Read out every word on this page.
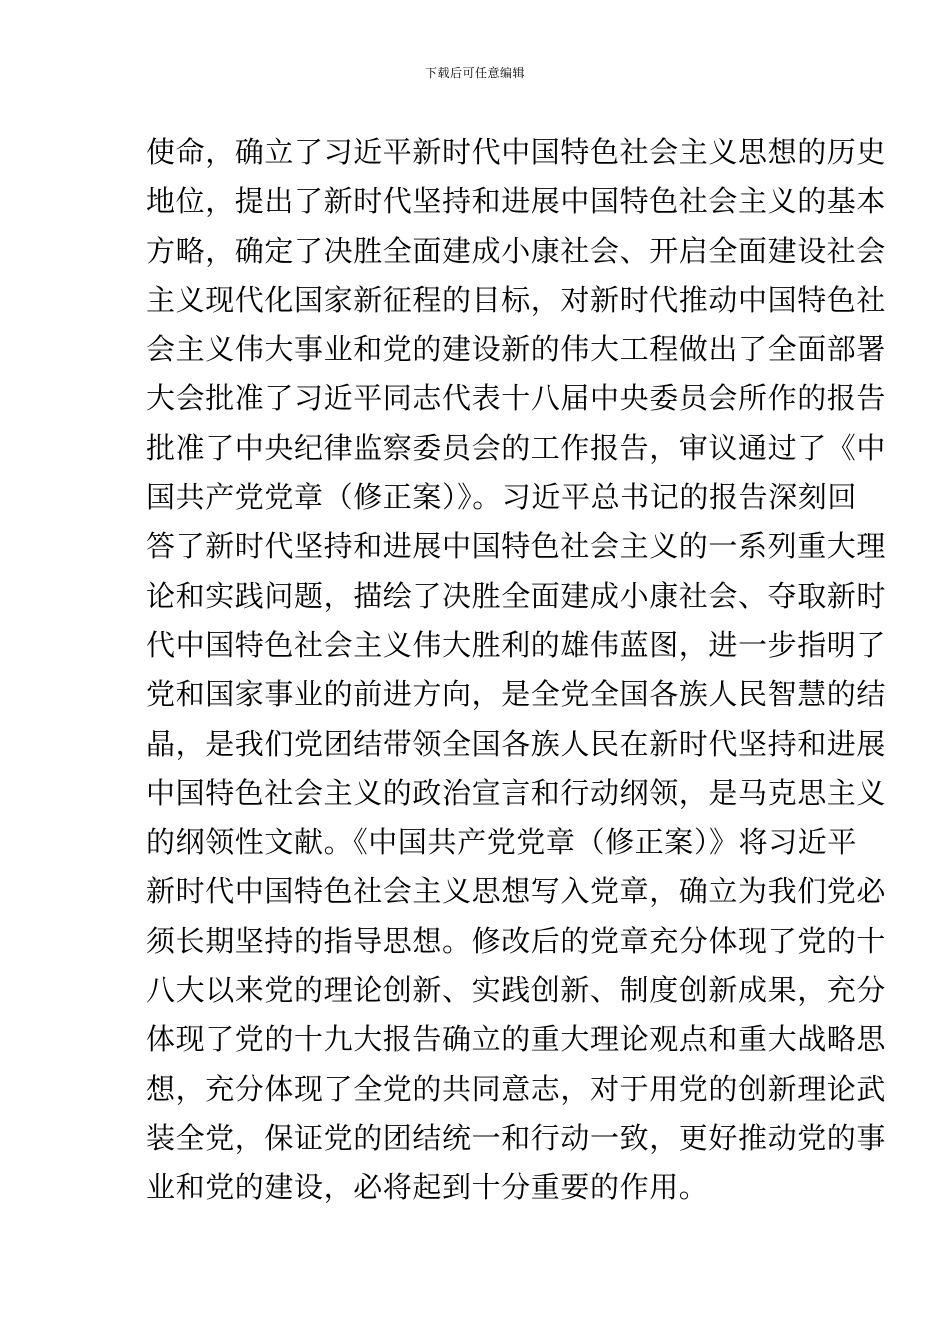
下载后可任意编辑
使命，确立了习近平新时代中国特色社会主义思想的历史
地位，提出了新时代坚持和进展中国特色社会主义的基本
方略，确定了决胜全面建成小康社会、开启全面建设社会
主义现代化国家新征程的目标，对新时代推动中国特色社
会主义伟大事业和党的建设新的伟大工程做出了全面部署
大会批准了习近平同志代表十八届中央委员会所作的报告
批准了中央纪律监察委员会的工作报告，审议通过了《中
国共产党党章（修正案）》。习近平总书记的报告深刻回
答了新时代坚持和进展中国特色社会主义的一系列重大理
论和实践问题，描绘了决胜全面建成小康社会、夺取新时
代中国特色社会主义伟大胜利的雄伟蓝图，进一步指明了
党和国家事业的前进方向，是全党全国各族人民智慧的结
晶，是我们党团结带领全国各族人民在新时代坚持和进展
中国特色社会主义的政治宣言和行动纲领，是马克思主义
的纲领性文献。《中国共产党党章（修正案）》将习近平
新时代中国特色社会主义思想写入党章，确立为我们党必
须长期坚持的指导思想。修改后的党章充分体现了党的十
八大以来党的理论创新、实践创新、制度创新成果，充分
体现了党的十九大报告确立的重大理论观点和重大战略思
想，充分体现了全党的共同意志，对于用党的创新理论武
装全党，保证党的团结统一和行动一致，更好推动党的事
业和党的建设，必将起到十分重要的作用。
